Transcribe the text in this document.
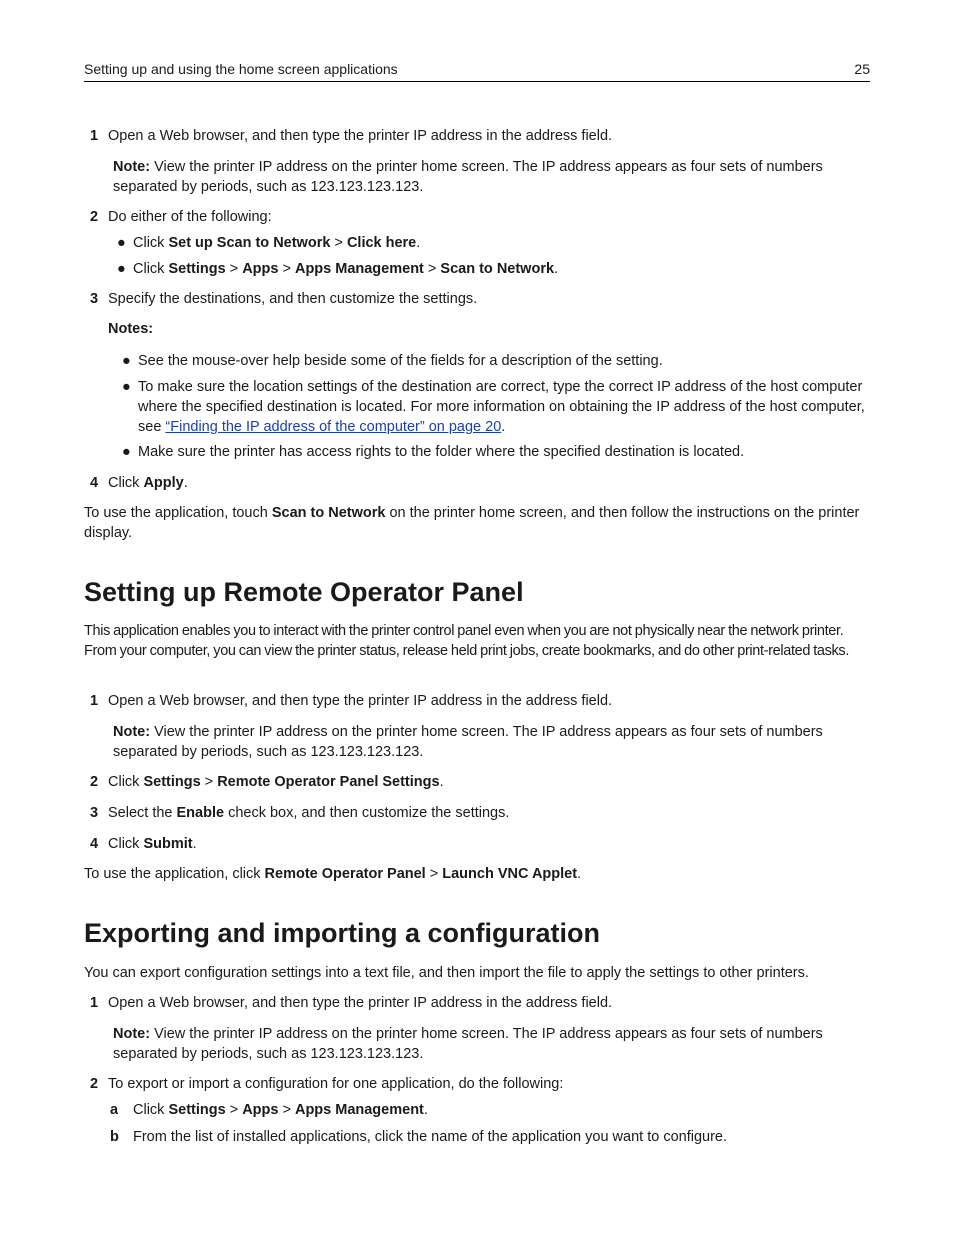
Setting up and using the home screen applications	25
1 Open a Web browser, and then type the printer IP address in the address field.
Note: View the printer IP address on the printer home screen. The IP address appears as four sets of numbers separated by periods, such as 123.123.123.123.
2 Do either of the following:
● Click Set up Scan to Network > Click here.
● Click Settings > Apps > Apps Management > Scan to Network.
3 Specify the destinations, and then customize the settings.
Notes:
● See the mouse-over help beside some of the fields for a description of the setting.
● To make sure the location settings of the destination are correct, type the correct IP address of the host computer where the specified destination is located. For more information on obtaining the IP address of the host computer, see “Finding the IP address of the computer” on page 20.
● Make sure the printer has access rights to the folder where the specified destination is located.
4 Click Apply.
To use the application, touch Scan to Network on the printer home screen, and then follow the instructions on the printer display.
Setting up Remote Operator Panel
This application enables you to interact with the printer control panel even when you are not physically near the network printer. From your computer, you can view the printer status, release held print jobs, create bookmarks, and do other print-related tasks.
1 Open a Web browser, and then type the printer IP address in the address field.
Note: View the printer IP address on the printer home screen. The IP address appears as four sets of numbers separated by periods, such as 123.123.123.123.
2 Click Settings > Remote Operator Panel Settings.
3 Select the Enable check box, and then customize the settings.
4 Click Submit.
To use the application, click Remote Operator Panel > Launch VNC Applet.
Exporting and importing a configuration
You can export configuration settings into a text file, and then import the file to apply the settings to other printers.
1 Open a Web browser, and then type the printer IP address in the address field.
Note: View the printer IP address on the printer home screen. The IP address appears as four sets of numbers separated by periods, such as 123.123.123.123.
2 To export or import a configuration for one application, do the following:
a Click Settings > Apps > Apps Management.
b From the list of installed applications, click the name of the application you want to configure.
